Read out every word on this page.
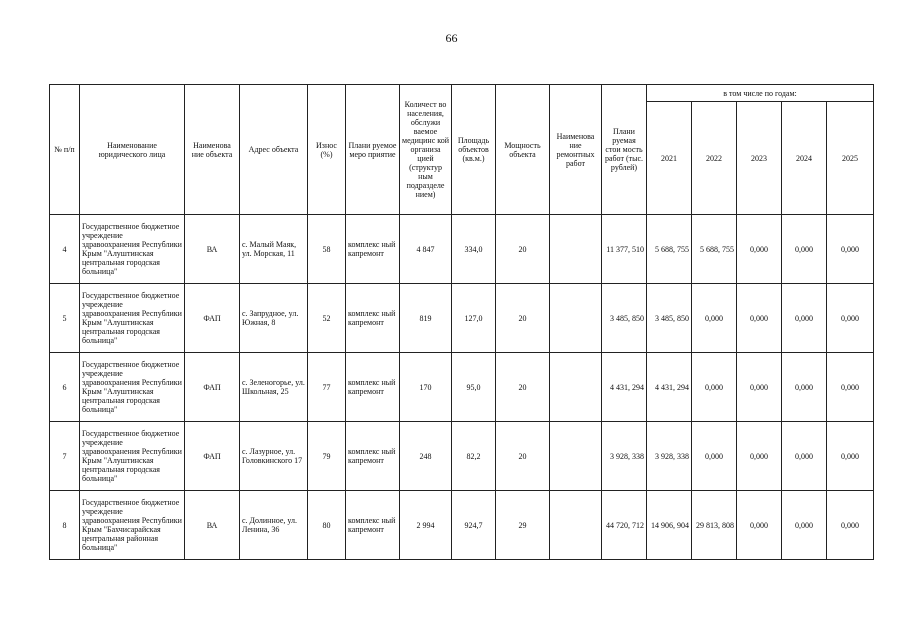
66
№ п/п	Наименование юридического лица	Наименова ние объекта	Адрес объекта	Износ (%)	Плани руемое меро приятие	Количест во населения, обслужи ваемое медицинс кой организа цией (структур ным подразделе нием)	Площадь объектов (кв.м.)	Мощность объекта	Наименова ние ремонтных работ	Плани руемая стои мость работ (тыс. рублей)	в том числе по годам:				
											2021	2022	2023	2024	2025
4	Государственное бюджетное учреждение здравоохранения Республики Крым "Алуштинская центральная городская больница"	ВА	с. Малый Маяк, ул. Морская, 11	58	комплекс ный капремонт	4 847	334,0	20		11 377, 510	5 688, 755	5 688, 755	0,000	0,000	0,000
5	Государственное бюджетное учреждение здравоохранения Республики Крым "Алуштинская центральная городская больница"	ФАП	с. Запрудное, ул. Южная, 8	52	комплекс ный капремонт	819	127,0	20		3 485, 850	3 485, 850	0,000	0,000	0,000	0,000
6	Государственное бюджетное учреждение здравоохранения Республики Крым "Алуштинская центральная городская больница"	ФАП	с. Зеленогорье, ул. Школьная, 25	77	комплекс ный капремонт	170	95,0	20		4 431, 294	4 431, 294	0,000	0,000	0,000	0,000
7	Государственное бюджетное учреждение здравоохранения Республики Крым "Алуштинская центральная городская больница"	ФАП	с. Лазурное, ул. Головкинского 17	79	комплекс ный капремонт	248	82,2	20		3 928, 338	3 928, 338	0,000	0,000	0,000	0,000
8	Государственное бюджетное учреждение здравоохранения Республики Крым "Бахчисарайская центральная районная больница"	ВА	с. Долинное, ул. Ленина, 36	80	комплекс ный капремонт	2 994	924,7	29		44 720, 712	14 906, 904	29 813, 808	0,000	0,000	0,000
